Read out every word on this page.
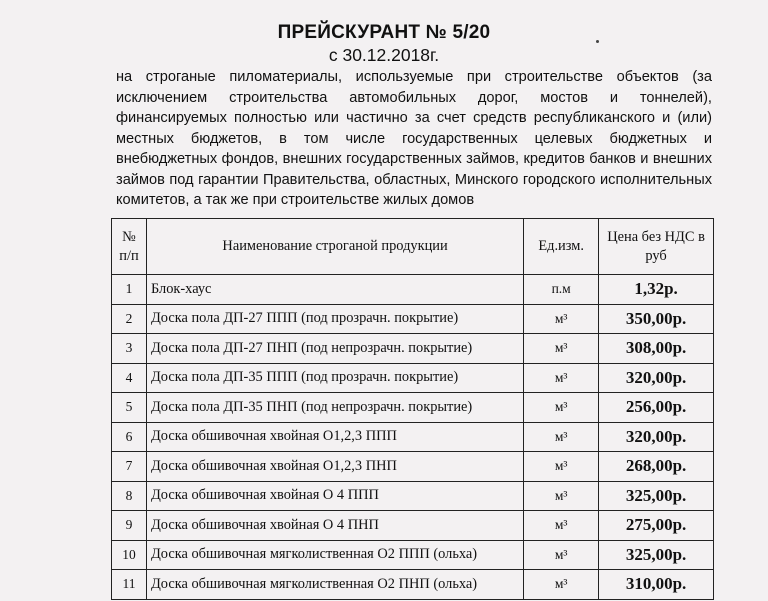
ПРЕЙСКУРАНТ № 5/20
с 30.12.2018г.
на строганые пиломатериалы, используемые при строительстве объектов (за исключением строительства автомобильных дорог, мостов и тоннелей), финансируемых полностью или частично за счет средств республиканского и (или) местных бюджетов, в том числе государственных целевых бюджетных и внебюджетных фондов, внешних государственных займов, кредитов банков и внешних займов под гарантии Правительства, областных, Минского городского исполнительных комитетов, а так же при строительстве жилых домов
№ п/п	Наименование строганой продукции	Ед.изм.	Цена без НДС в руб
1	Блок-хаус	п.м	1,32р.
2	Доска пола ДП-27 ППП (под прозрачн. покрытие)	м³	350,00р.
3	Доска пола ДП-27 ПНП (под непрозрачн. покрытие)	м³	308,00р.
4	Доска пола ДП-35 ППП (под прозрачн. покрытие)	м³	320,00р.
5	Доска пола ДП-35 ПНП (под непрозрачн. покрытие)	м³	256,00р.
6	Доска обшивочная хвойная О1,2,3 ППП	м³	320,00р.
7	Доска обшивочная хвойная О1,2,3 ПНП	м³	268,00р.
8	Доска обшивочная хвойная О 4 ППП	м³	325,00р.
9	Доска обшивочная хвойная О 4 ПНП	м³	275,00р.
10	Доска обшивочная мягколиственная О2 ППП (ольха)	м³	325,00р.
11	Доска обшивочная мягколиственная О2 ПНП (ольха)	м³	310,00р.
